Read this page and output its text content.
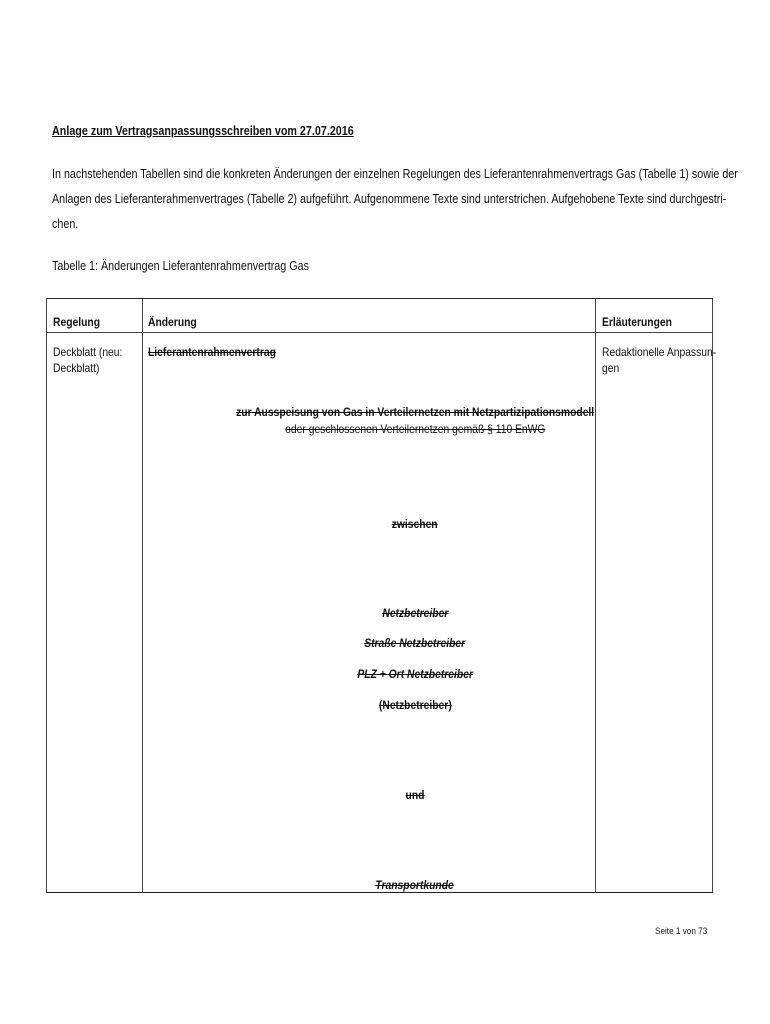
Anlage zum Vertragsanpassungsschreiben vom 27.07.2016
In nachstehenden Tabellen sind die konkreten Änderungen der einzelnen Regelungen des Lieferantenrahmenvertrags Gas (Tabelle 1) sowie der
Anlagen des Lieferanterahmenvertrages (Tabelle 2) aufgeführt. Aufgenommene Texte sind unterstrichen. Aufgehobene Texte sind durchgestri-
chen.
Tabelle 1: Änderungen Lieferantenrahmenvertrag Gas
Regelung	Änderung	Erläuterungen
Deckblatt (neu:
Deckblatt)
Redaktionelle Anpassun-
gen
Lieferantenrahmenvertrag
zur Ausspeisung von Gas in Verteilernetzen mit Netzpartizipationsmodell
oder geschlossenen Verteilernetzen gemäß § 110 EnWG
zwischen
Netzbetreiber
Straße Netzbetreiber
PLZ + Ort Netzbetreiber
(Netzbetreiber)
und
Transportkunde
Seite 1 von 73
